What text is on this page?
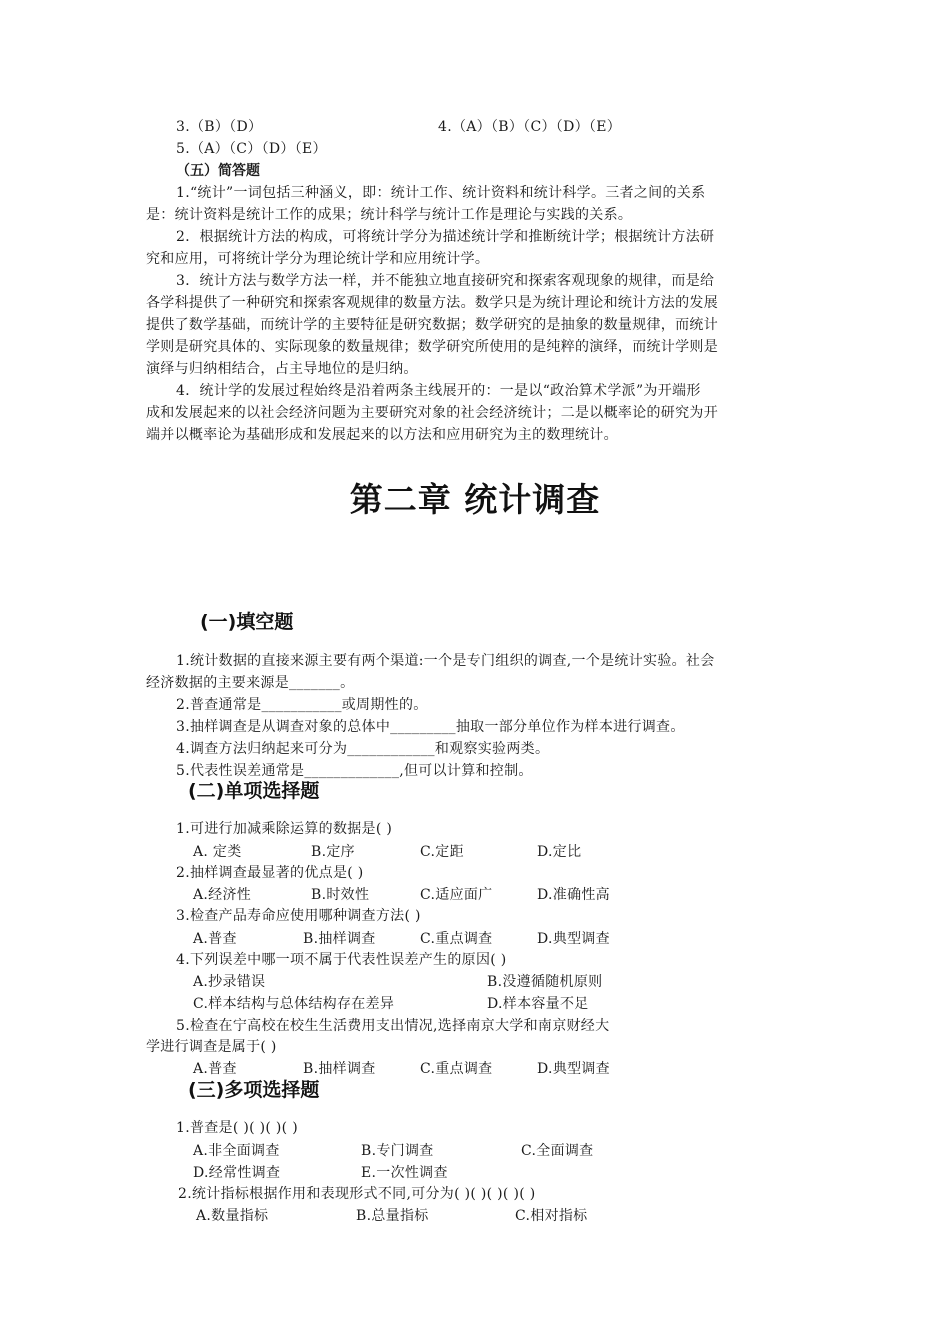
3.（B）（D）	4.（A）（B）（C）（D）（E）
5.（A）（C）（D）（E）
（五）简答题
1.“统计”一词包括三种涵义，即：统计工作、统计资料和统计科学。三者之间的关系
是：统计资料是统计工作的成果；统计科学与统计工作是理论与实践的关系。
2．根据统计方法的构成，可将统计学分为描述统计学和推断统计学；根据统计方法研
究和应用，可将统计学分为理论统计学和应用统计学。
3．统计方法与数学方法一样，并不能独立地直接研究和探索客观现象的规律，而是给
各学科提供了一种研究和探索客观规律的数量方法。数学只是为统计理论和统计方法的发展
提供了数学基础，而统计学的主要特征是研究数据；数学研究的是抽象的数量规律，而统计
学则是研究具体的、实际现象的数量规律；数学研究所使用的是纯粹的演绎，而统计学则是
演绎与归纳相结合，占主导地位的是归纳。
4．统计学的发展过程始终是沿着两条主线展开的：一是以“政治算术学派”为开端形
成和发展起来的以社会经济问题为主要研究对象的社会经济统计；二是以概率论的研究为开
端并以概率论为基础形成和发展起来的以方法和应用研究为主的数理统计。
第二章 统计调查
(一)填空题
1.统计数据的直接来源主要有两个渠道:一个是专门组织的调查,一个是统计实验。社会
经济数据的主要来源是_______。
2.普查通常是___________或周期性的。
3.抽样调查是从调查对象的总体中_________抽取一部分单位作为样本进行调查。
4.调查方法归纳起来可分为____________和观察实验两类。
5.代表性误差通常是_____________,但可以计算和控制。
(二)单项选择题
1.可进行加减乘除运算的数据是( )
A. 定类	B.定序	C.定距	D.定比
2.抽样调查最显著的优点是( )
A.经济性	B.时效性	C.适应面广	D.准确性高
3.检查产品寿命应使用哪种调查方法( )
A.普查	B.抽样调查	C.重点调查	D.典型调查
4.下列误差中哪一项不属于代表性误差产生的原因( )
A.抄录错误	B.没遵循随机原则
C.样本结构与总体结构存在差异	D.样本容量不足
5.检查在宁高校在校生生活费用支出情况,选择南京大学和南京财经大
学进行调查是属于( )
A.普查	B.抽样调查	C.重点调查	D.典型调查
(三)多项选择题
1.普查是( )( )( )( )
A.非全面调查	B.专门调查	C.全面调查
D.经常性调查	E.一次性调查
2.统计指标根据作用和表现形式不同,可分为( )( )( )( )( )
A.数量指标	B.总量指标	C.相对指标
